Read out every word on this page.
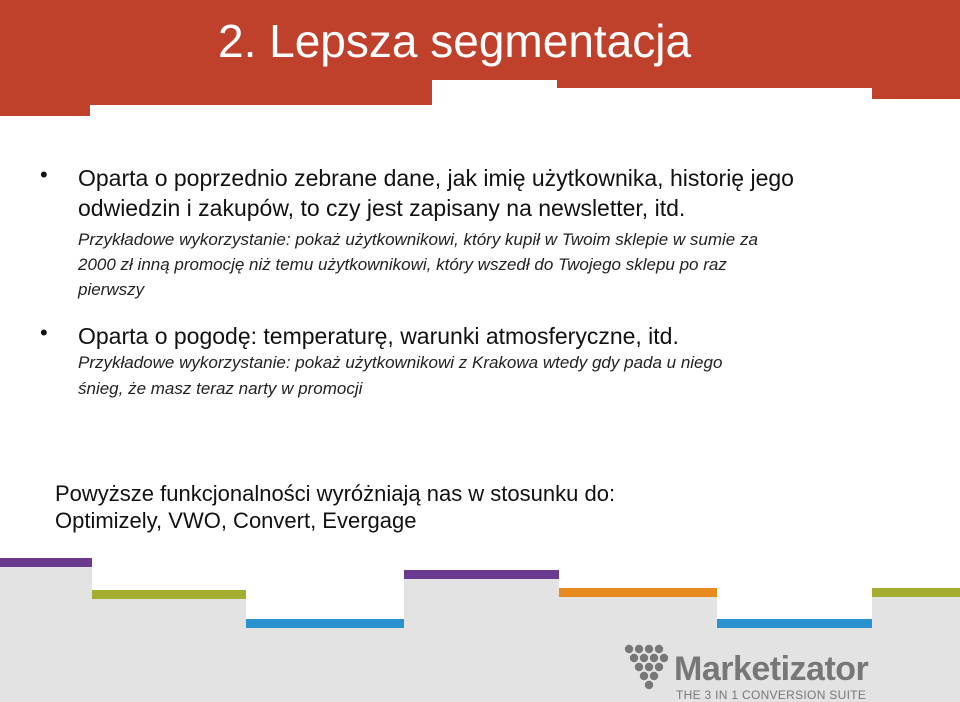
2. Lepsza segmentacja
• Oparta o poprzednio zebrane dane, jak imię użytkownika, historię jego
odwiedzin i zakupów, to czy jest zapisany na newsletter, itd.
Przykładowe wykorzystanie: pokaż użytkownikowi, który kupił w Twoim sklepie w sumie za
2000 zł inną promocję niż temu użytkownikowi, który wszedł do Twojego sklepu po raz
pierwszy
• Oparta o pogodę: temperaturę, warunki atmosferyczne, itd.
Przykładowe wykorzystanie: pokaż użytkownikowi z Krakowa wtedy gdy pada u niego
śnieg, że masz teraz narty w promocji
Powyższe funkcjonalności wyróżniają nas w stosunku do:
Optimizely, VWO, Convert, Evergage
Marketizator
THE 3 IN 1 CONVERSION SUITE
